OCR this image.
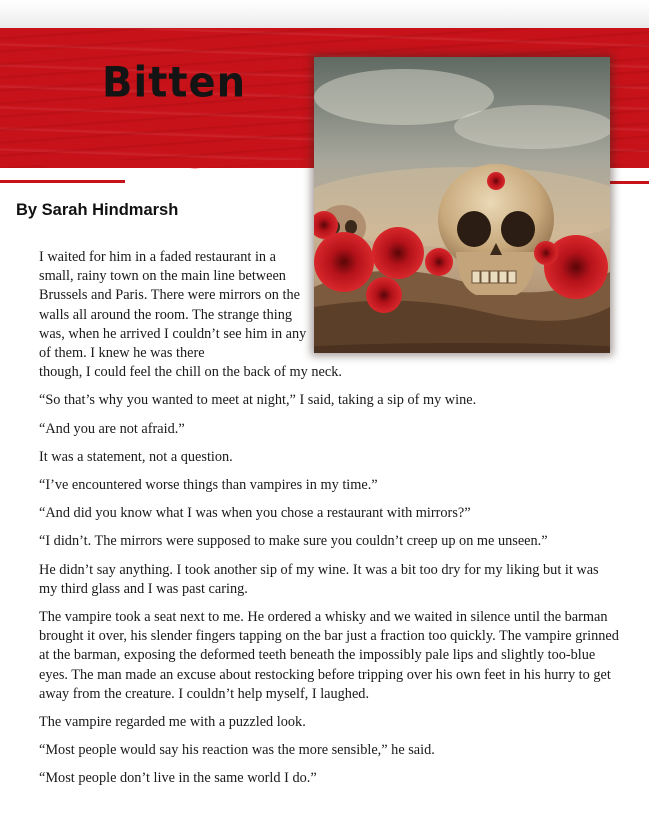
Bitten
By Sarah Hindmarsh

I waited for him in a faded restaurant in a small, rainy town on the main line between Brussels and Paris. There were mirrors on the walls all around the room. The strange thing was, when he arrived I couldn’t see him in any of them. I knew he was there

though, I could feel the chill on the back of my neck.

“So that’s why you wanted to meet at night,” I said, taking a sip of my wine.

“And you are not afraid.”

It was a statement, not a question.

“I’ve encountered worse things than vampires in my time.”

“And did you know what I was when you chose a restaurant with mirrors?”

“I didn’t. The mirrors were supposed to make sure you couldn’t creep up on me unseen.”

He didn’t say anything. I took another sip of my wine. It was a bit too dry for my liking but it was my third glass and I was past caring.

The vampire took a seat next to me. He ordered a whisky and we waited in silence until the barman brought it over, his slender fingers tapping on the bar just a fraction too quickly. The vampire grinned at the barman, exposing the deformed teeth beneath the impossibly pale lips and slightly too-blue eyes. The man made an excuse about restocking before tripping over his own feet in his hurry to get away from the creature. I couldn’t help myself, I laughed.

The vampire regarded me with a puzzled look.

“Most people would say his reaction was the more sensible,” he said.

“Most people don’t live in the same world I do.”
